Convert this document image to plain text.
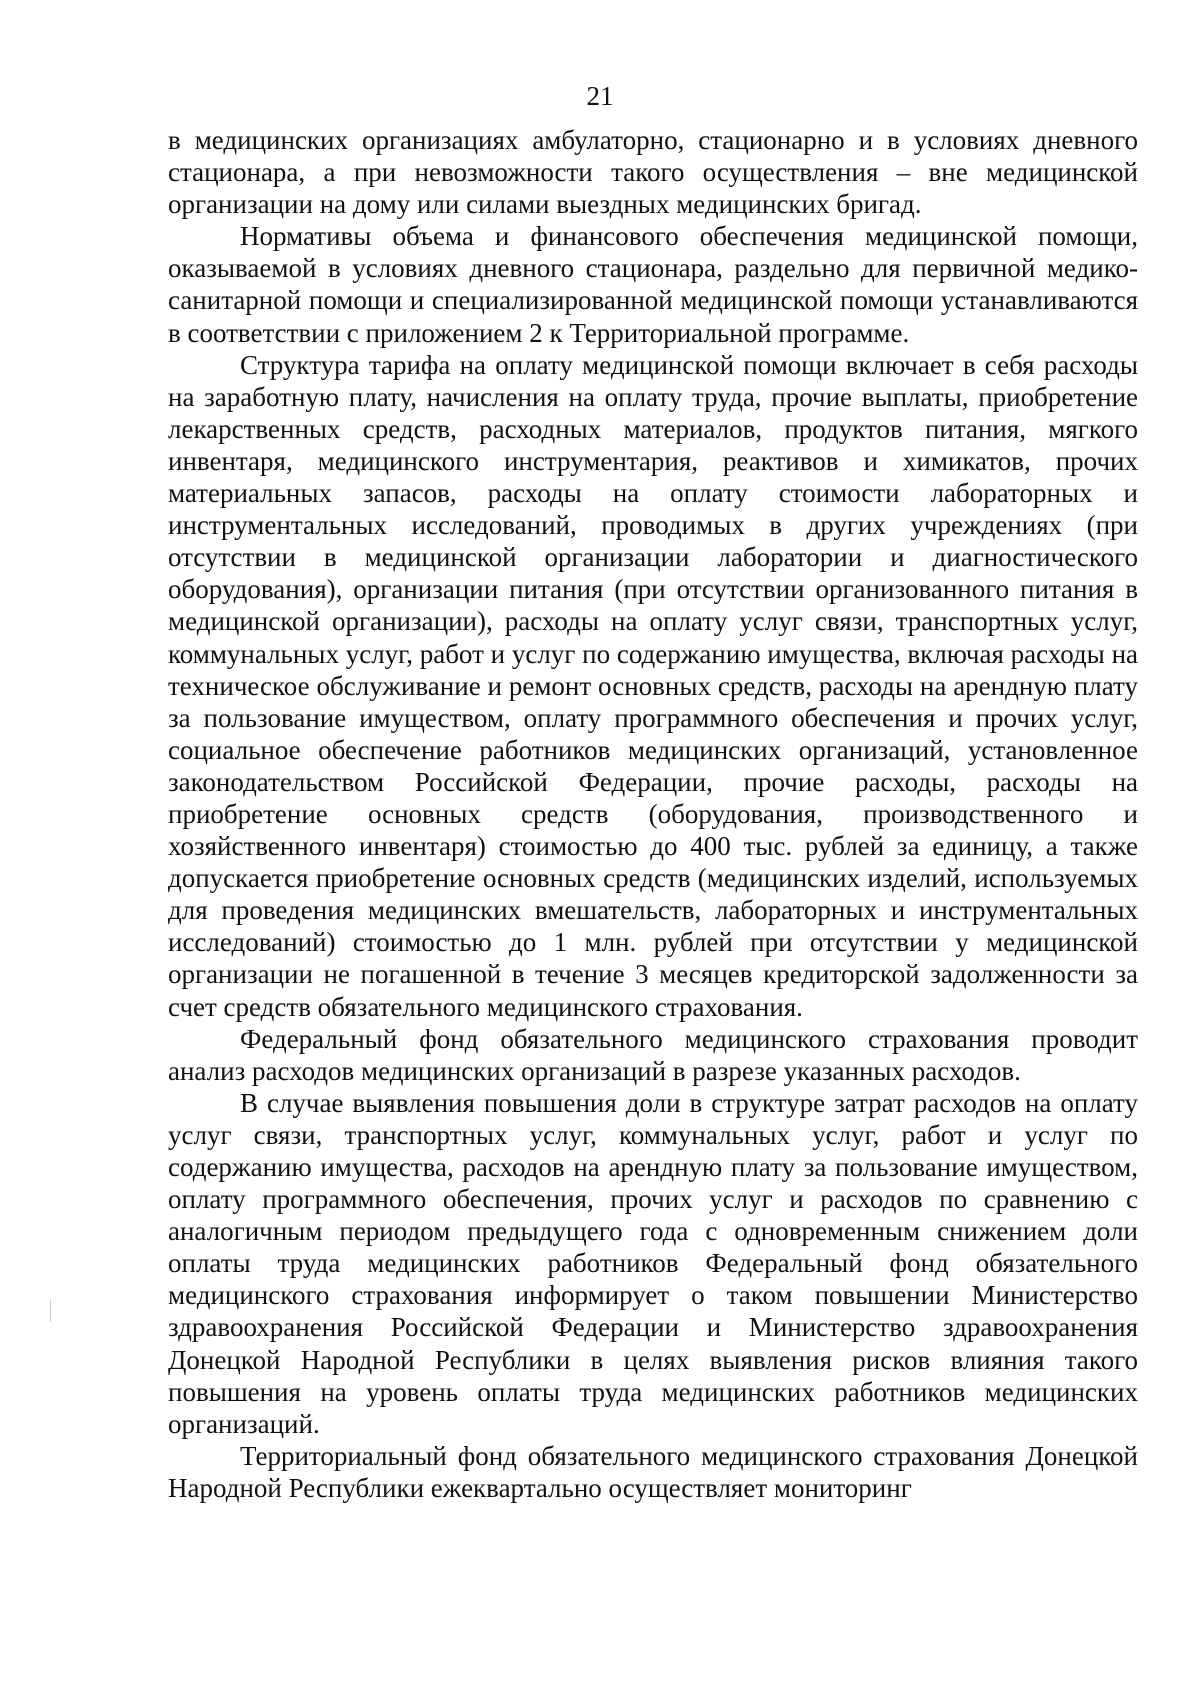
21

в медицинских организациях амбулаторно, стационарно и в условиях дневного стационара, а при невозможности такого осуществления – вне медицинской организации на дому или силами выездных медицинских бригад.

Нормативы объема и финансового обеспечения медицинской помощи, оказываемой в условиях дневного стационара, раздельно для первичной медико-санитарной помощи и специализированной медицинской помощи устанавливаются в соответствии с приложением 2 к Территориальной программе.

Структура тарифа на оплату медицинской помощи включает в себя расходы на заработную плату, начисления на оплату труда, прочие выплаты, приобретение лекарственных средств, расходных материалов, продуктов питания, мягкого инвентаря, медицинского инструментария, реактивов и химикатов, прочих материальных запасов, расходы на оплату стоимости лабораторных и инструментальных исследований, проводимых в других учреждениях (при отсутствии в медицинской организации лаборатории и диагностического оборудования), организации питания (при отсутствии организованного питания в медицинской организации), расходы на оплату услуг связи, транспортных услуг, коммунальных услуг, работ и услуг по содержанию имущества, включая расходы на техническое обслуживание и ремонт основных средств, расходы на арендную плату за пользование имуществом, оплату программного обеспечения и прочих услуг, социальное обеспечение работников медицинских организаций, установленное законодательством Российской Федерации, прочие расходы, расходы на приобретение основных средств (оборудования, производственного и хозяйственного инвентаря) стоимостью до 400 тыс. рублей за единицу, а также допускается приобретение основных средств (медицинских изделий, используемых для проведения медицинских вмешательств, лабораторных и инструментальных исследований) стоимостью до 1 млн. рублей при отсутствии у медицинской организации не погашенной в течение 3 месяцев кредиторской задолженности за счет средств обязательного медицинского страхования.

Федеральный фонд обязательного медицинского страхования проводит анализ расходов медицинских организаций в разрезе указанных расходов.

В случае выявления повышения доли в структуре затрат расходов на оплату услуг связи, транспортных услуг, коммунальных услуг, работ и услуг по содержанию имущества, расходов на арендную плату за пользование имуществом, оплату программного обеспечения, прочих услуг и расходов по сравнению с аналогичным периодом предыдущего года с одновременным снижением доли оплаты труда медицинских работников Федеральный фонд обязательного медицинского страхования информирует о таком повышении Министерство здравоохранения Российской Федерации и Министерство здравоохранения Донецкой Народной Республики в целях выявления рисков влияния такого повышения на уровень оплаты труда медицинских работников медицинских организаций.

Территориальный фонд обязательного медицинского страхования Донецкой Народной Республики ежеквартально осуществляет мониторинг
